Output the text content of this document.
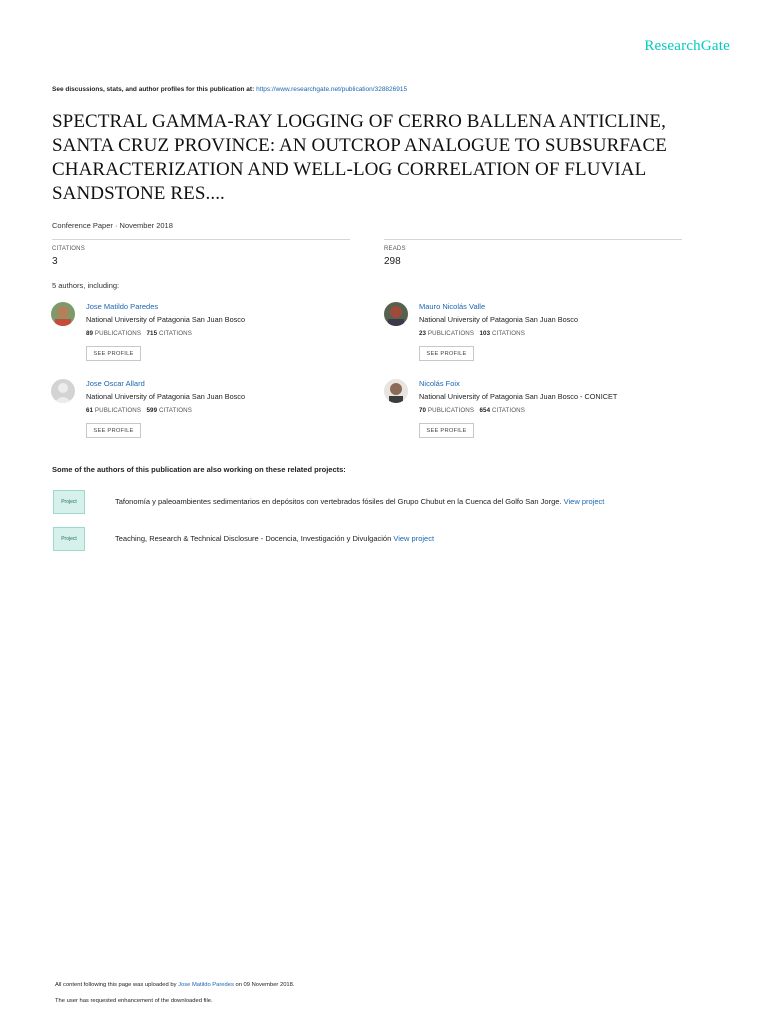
ResearchGate
See discussions, stats, and author profiles for this publication at: https://www.researchgate.net/publication/328826915
SPECTRAL GAMMA-RAY LOGGING OF CERRO BALLENA ANTICLINE, SANTA CRUZ PROVINCE: AN OUTCROP ANALOGUE TO SUBSURFACE CHARACTERIZATION AND WELL-LOG CORRELATION OF FLUVIAL SANDSTONE RES....
Conference Paper · November 2018
CITATIONS
3
READS
298
5 authors, including:
Jose Matildo Paredes
National University of Patagonia San Juan Bosco
89 PUBLICATIONS 715 CITATIONS
SEE PROFILE
Mauro Nicolás Valle
National University of Patagonia San Juan Bosco
23 PUBLICATIONS 103 CITATIONS
SEE PROFILE
Jose Oscar Allard
National University of Patagonia San Juan Bosco
61 PUBLICATIONS 599 CITATIONS
SEE PROFILE
Nicolás Foix
National University of Patagonia San Juan Bosco - CONICET
70 PUBLICATIONS 654 CITATIONS
SEE PROFILE
Some of the authors of this publication are also working on these related projects:
Project	Tafonomía y paleoambientes sedimentarios en depósitos con vertebrados fósiles del Grupo Chubut en la Cuenca del Golfo San Jorge. View project
Project	Teaching, Research & Technical Disclosure - Docencia, Investigación y Divulgación View project
All content following this page was uploaded by Jose Matildo Paredes on 09 November 2018.
The user has requested enhancement of the downloaded file.
